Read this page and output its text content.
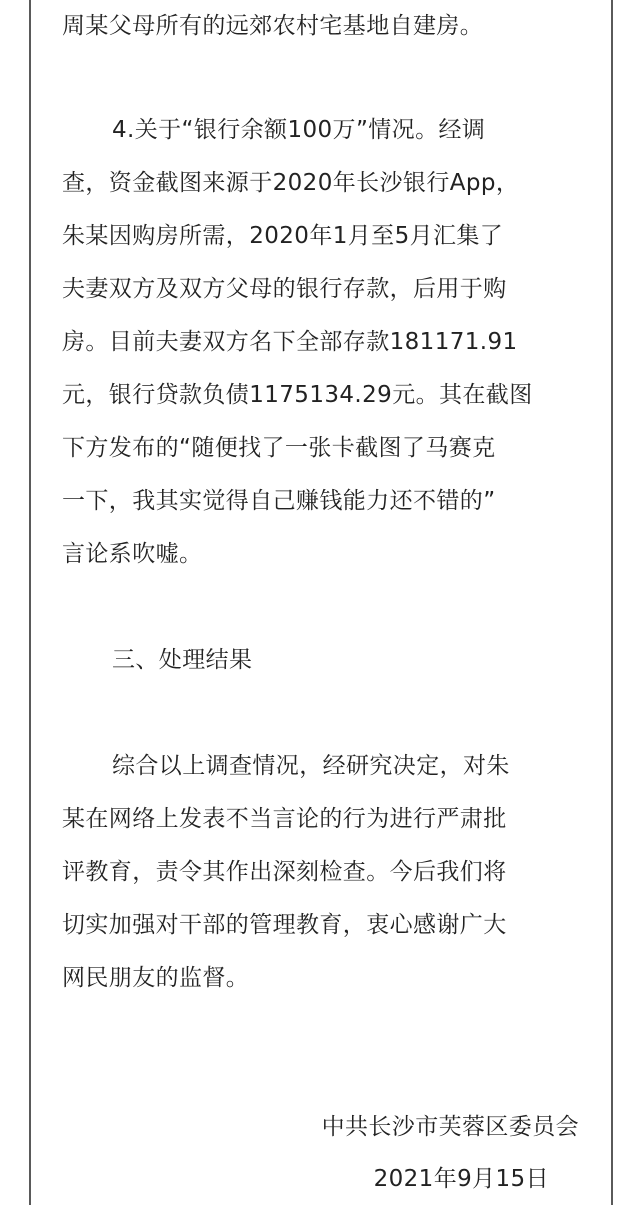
周某父母所有的远郊农村宅基地自建房。
4.关于“银行余额100万”情况。经调
查，资金截图来源于2020年长沙银行App，
朱某因购房所需，2020年1月至5月汇集了
夫妻双方及双方父母的银行存款，后用于购
房。目前夫妻双方名下全部存款181171.91
元，银行贷款负债1175134.29元。其在截图
下方发布的“随便找了一张卡截图了马赛克
一下，我其实觉得自己赚钱能力还不错的”
言论系吹嘘。
三、处理结果
综合以上调查情况，经研究决定，对朱
某在网络上发表不当言论的行为进行严肃批
评教育，责令其作出深刻检查。今后我们将
切实加强对干部的管理教育，衷心感谢广大
网民朋友的监督。
中共长沙市芙蓉区委员会
2021年9月15日
